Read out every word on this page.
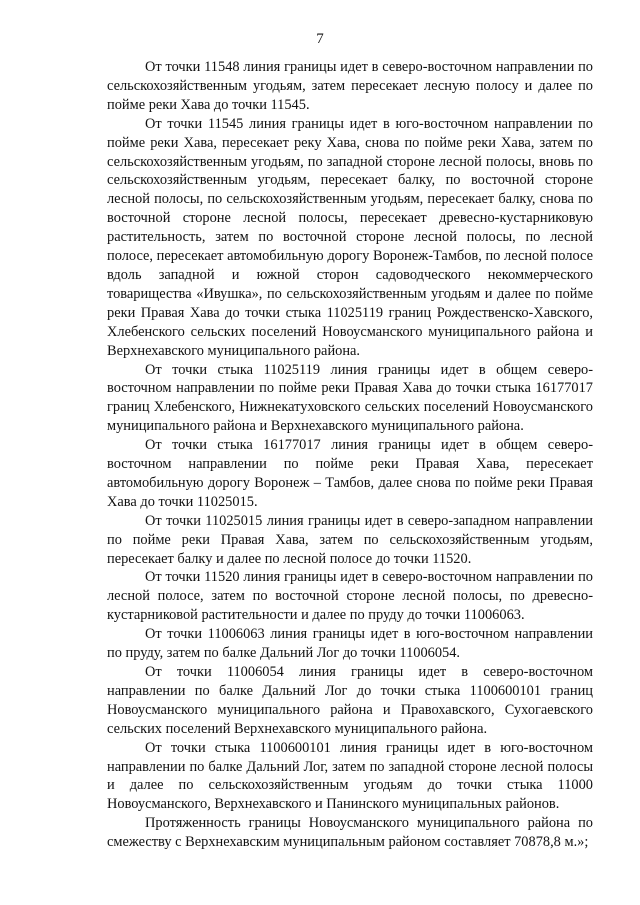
7

От точки 11548 линия границы идет в северо-восточном направлении по сельскохозяйственным угодьям, затем пересекает лесную полосу и далее по пойме реки Хава до точки 11545.

От точки 11545 линия границы идет в юго-восточном направлении по пойме реки Хава, пересекает реку Хава, снова по пойме реки Хава, затем по сельскохозяйственным угодьям, по западной стороне лесной полосы, вновь по сельскохозяйственным угодьям, пересекает балку, по восточной стороне лесной полосы, по сельскохозяйственным угодьям, пересекает балку, снова по восточной стороне лесной полосы, пересекает древесно-кустарниковую растительность, затем по восточной стороне лесной полосы, по лесной полосе, пересекает автомобильную дорогу Воронеж-Тамбов, по лесной полосе вдоль западной и южной сторон садоводческого некоммерческого товарищества «Ивушка», по сельскохозяйственным угодьям и далее по пойме реки Правая Хава до точки стыка 11025119 границ Рождественско-Хавского, Хлебенского сельских поселений Новоусманского муниципального района и Верхнехавского муниципального района.

От точки стыка 11025119 линия границы идет в общем северо-восточном направлении по пойме реки Правая Хава до точки стыка 16177017 границ Хлебенского, Нижнекатуховского сельских поселений Новоусманского муниципального района и Верхнехавского муниципального района.

От точки стыка 16177017 линия границы идет в общем северо-восточном направлении по пойме реки Правая Хава, пересекает автомобильную дорогу Воронеж – Тамбов, далее снова по пойме реки Правая Хава до точки 11025015.

От точки 11025015 линия границы идет в северо-западном направлении по пойме реки Правая Хава, затем по сельскохозяйственным угодьям, пересекает балку и далее по лесной полосе до точки 11520.

От точки 11520 линия границы идет в северо-восточном направлении по лесной полосе, затем по восточной стороне лесной полосы, по древесно-кустарниковой растительности и далее по пруду до точки 11006063.

От точки 11006063 линия границы идет в юго-восточном направлении по пруду, затем по балке Дальний Лог до точки 11006054.

От точки 11006054 линия границы идет в северо-восточном направлении по балке Дальний Лог до точки стыка 1100600101 границ Новоусманского муниципального района и Правохавского, Сухогаевского сельских поселений Верхнехавского муниципального района.

От точки стыка 1100600101 линия границы идет в юго-восточном направлении по балке Дальний Лог, затем по западной стороне лесной полосы и далее по сельскохозяйственным угодьям до точки стыка 11000 Новоусманского, Верхнехавского и Панинского муниципальных районов.

Протяженность границы Новоусманского муниципального района по смежеству с Верхнехавским муниципальным районом составляет 70878,8 м.»;
